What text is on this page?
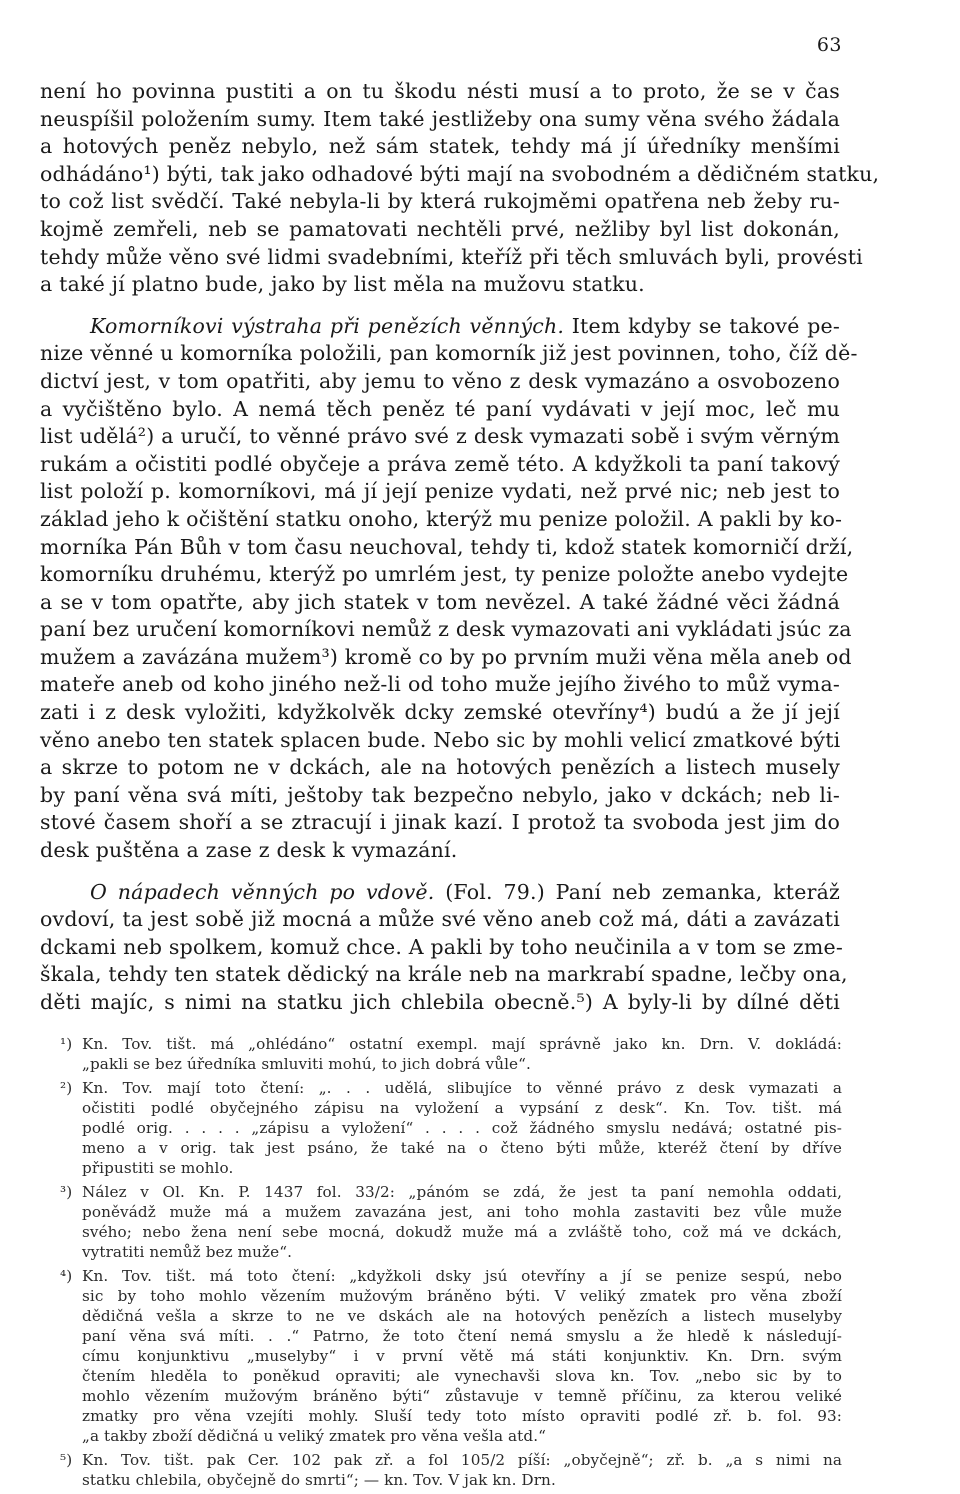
63
není ho povinna pustiti a on tu škodu nésti musí a to proto, že se v čas
neuspíšil položením sumy. Item také jestližeby ona sumy věna svého žádala
a hotových peněz nebylo, než sám statek, tehdy má jí úředníky menšími
odhádáno¹) býti, tak jako odhadové býti mají na svobodném a dědičném statku,
to což list svědčí. Také nebyla-li by která rukojměmi opatřena neb žeby ru-
kojmě zemřeli, neb se pamatovati nechtěli prvé, nežliby byl list dokonán,
tehdy může věno své lidmi svadebními, kteříž při těch smluvách byli, provésti
a také jí platno bude, jako by list měla na mužovu statku.
Komorníkovi výstraha při penězích věnných. Item kdyby se takové pe-
nize věnné u komorníka položili, pan komorník již jest povinnen, toho, číž dě-
dictví jest, v tom opatřiti, aby jemu to věno z desk vymazáno a osvobozeno
a vyčištěno bylo. A nemá těch peněz té paní vydávati v její moc, leč mu
list udělá²) a uručí, to věnné právo své z desk vymazati sobě i svým věrným
rukám a očistiti podlé obyčeje a práva země této. A kdyžkoli ta paní takový
list položí p. komorníkovi, má jí její penize vydati, než prvé nic; neb jest to
základ jeho k očištění statku onoho, kterýž mu penize položil. A pakli by ko-
morníka Pán Bůh v tom času neuchoval, tehdy ti, kdož statek komorničí drží,
komorníku druhému, kterýž po umrlém jest, ty penize položte anebo vydejte
a se v tom opatřte, aby jich statek v tom nevězel. A také žádné věci žádná
paní bez uručení komorníkovi nemůž z desk vymazovati ani vykládati jsúc za
mužem a zavázána mužem³) kromě co by po prvním muži věna měla aneb od
mateře aneb od koho jiného než-li od toho muže jejího živého to můž vyma-
zati i z desk vyložiti, kdyžkolvěk dcky zemské otevříny⁴) budú a že jí její
věno anebo ten statek splacen bude. Nebo sic by mohli velicí zmatkové býti
a skrze to potom ne v dckách, ale na hotových penězích a listech musely
by paní věna svá míti, ještoby tak bezpečno nebylo, jako v dckách; neb li-
stové časem shoří a se ztracují i jinak kazí. I protož ta svoboda jest jim do
desk puštěna a zase z desk k vymazání.
O nápadech věnných po vdově. (Fol. 79.) Paní neb zemanka, kteráž
ovdoví, ta jest sobě již mocná a může své věno aneb což má, dáti a zavázati
dckami neb spolkem, komuž chce. A pakli by toho neučinila a v tom se zme-
škala, tehdy ten statek dědický na krále neb na markrabí spadne, lečby ona,
děti majíc, s nimi na statku jich chlebila obecně.⁵) A byly-li by dílné děti
¹) Kn. Tov. tišt. má „ohlédáno“ ostatní exempl. mají správně jako kn. Drn. V. dokládá:
„pakli se bez úředníka smluviti mohú, to jich dobrá vůle“.
²) Kn. Tov. mají toto čtení: „. . . udělá, slibujíce to věnné právo z desk vymazati a
očistiti podlé obyčejného zápisu na vyložení a vypsání z desk“. Kn. Tov. tišt. má
podlé orig. . . . . „zápisu a vyložení“ . . . . což žádného smyslu nedává; ostatné pis-
meno a v orig. tak jest psáno, že také na o čteno býti může, kteréž čtení by dříve
připustiti se mohlo.
³) Nález v Ol. Kn. P. 1437 fol. 33/2: „pánóm se zdá, že jest ta paní nemohla oddati,
poněvádž muže má a mužem zavazána jest, ani toho mohla zastaviti bez vůle muže
svého; nebo žena není sebe mocná, dokudž muže má a zvláště toho, což má ve dckách,
vytratiti nemůž bez muže“.
⁴) Kn. Tov. tišt. má toto čtení: „kdyžkoli dsky jsú otevříny a jí se penize sespú, nebo
sic by toho mohlo vězením mužovým bráněno býti. V veliký zmatek pro věna zboží
dědičná vešla a skrze to ne ve dskách ale na hotových penězích a listech muselyby
paní věna svá míti. . .“ Patrno, že toto čtení nemá smyslu a že hledě k následují-
címu konjunktivu „muselyby“ i v první větě má státi konjunktiv. Kn. Drn. svým
čtením hleděla to poněkud opraviti; ale vynechavši slova kn. Tov. „nebo sic by to
mohlo vězením mužovým bráněno býti“ zůstavuje v temně příčinu, za kterou veliké
zmatky pro věna vzejíti mohly. Sluší tedy toto místo opraviti podlé zř. b. fol. 93:
„a takby zboží dědičná u veliký zmatek pro věna vešla atd.“
⁵) Kn. Tov. tišt. pak Cer. 102 pak zř. a fol 105/2 píší: „obyčejně“; zř. b. „a s nimi na
statku chlebila, obyčejně do smrti“; — kn. Tov. V jak kn. Drn.
